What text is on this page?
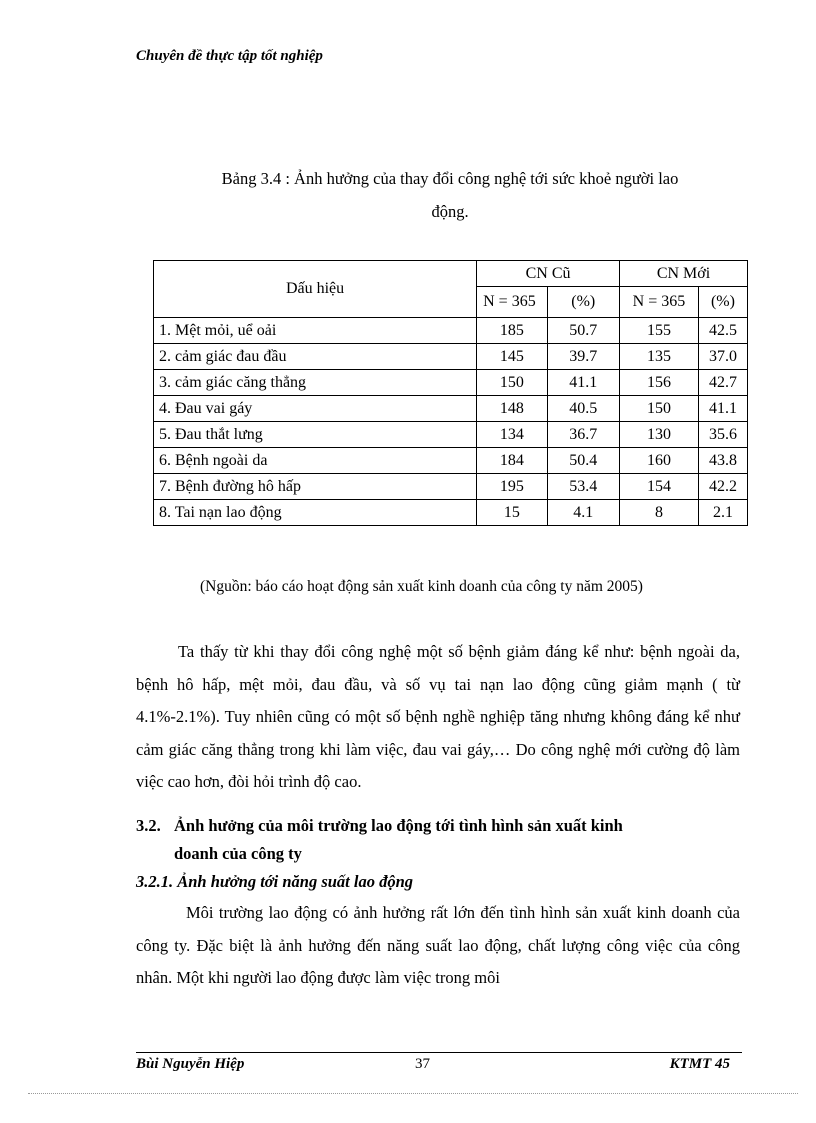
Chuyên đề thực tập tốt nghiệp
Bảng 3.4 : Ảnh hưởng của thay đổi công nghệ tới sức khoẻ người lao
động.
Dấu hiệu	CN Cũ		CN Mới	
	N = 365	(%)	N = 365	(%)
1. Mệt mỏi, uể oải	185	50.7	155	42.5
2. cảm giác đau đầu	145	39.7	135	37.0
3. cảm giác căng thẳng	150	41.1	156	42.7
4. Đau vai gáy	148	40.5	150	41.1
5. Đau thắt lưng	134	36.7	130	35.6
6. Bệnh ngoài da	184	50.4	160	43.8
7. Bệnh đường hô hấp	195	53.4	154	42.2
8. Tai nạn lao động	15	4.1	8	2.1
(Nguồn: báo cáo hoạt động sản xuất kinh doanh của công ty năm 2005)
Ta thấy từ khi thay đổi công nghệ một số bệnh giảm đáng kể như: bệnh ngoài da, bệnh hô hấp, mệt mỏi, đau đầu, và số vụ tai nạn lao động cũng giảm mạnh ( từ 4.1%-2.1%). Tuy nhiên cũng có một số bệnh nghề nghiệp tăng nhưng không đáng kể như cảm giác căng thẳng trong khi làm việc, đau vai gáy,… Do công nghệ mới cường độ làm việc cao hơn, đòi hỏi trình độ cao.
3.2. Ảnh hưởng của môi trường lao động tới tình hình sản xuất kinh
doanh của công ty
3.2.1. Ảnh hưởng tới năng suất lao động
Môi trường lao động có ảnh hưởng rất lớn đến tình hình sản xuất kinh doanh của công ty. Đặc biệt là ảnh hưởng đến năng suất lao động, chất lượng công việc của công nhân. Một khi người lao động được làm việc trong môi
Bùi Nguyễn Hiệp	37	KTMT 45
